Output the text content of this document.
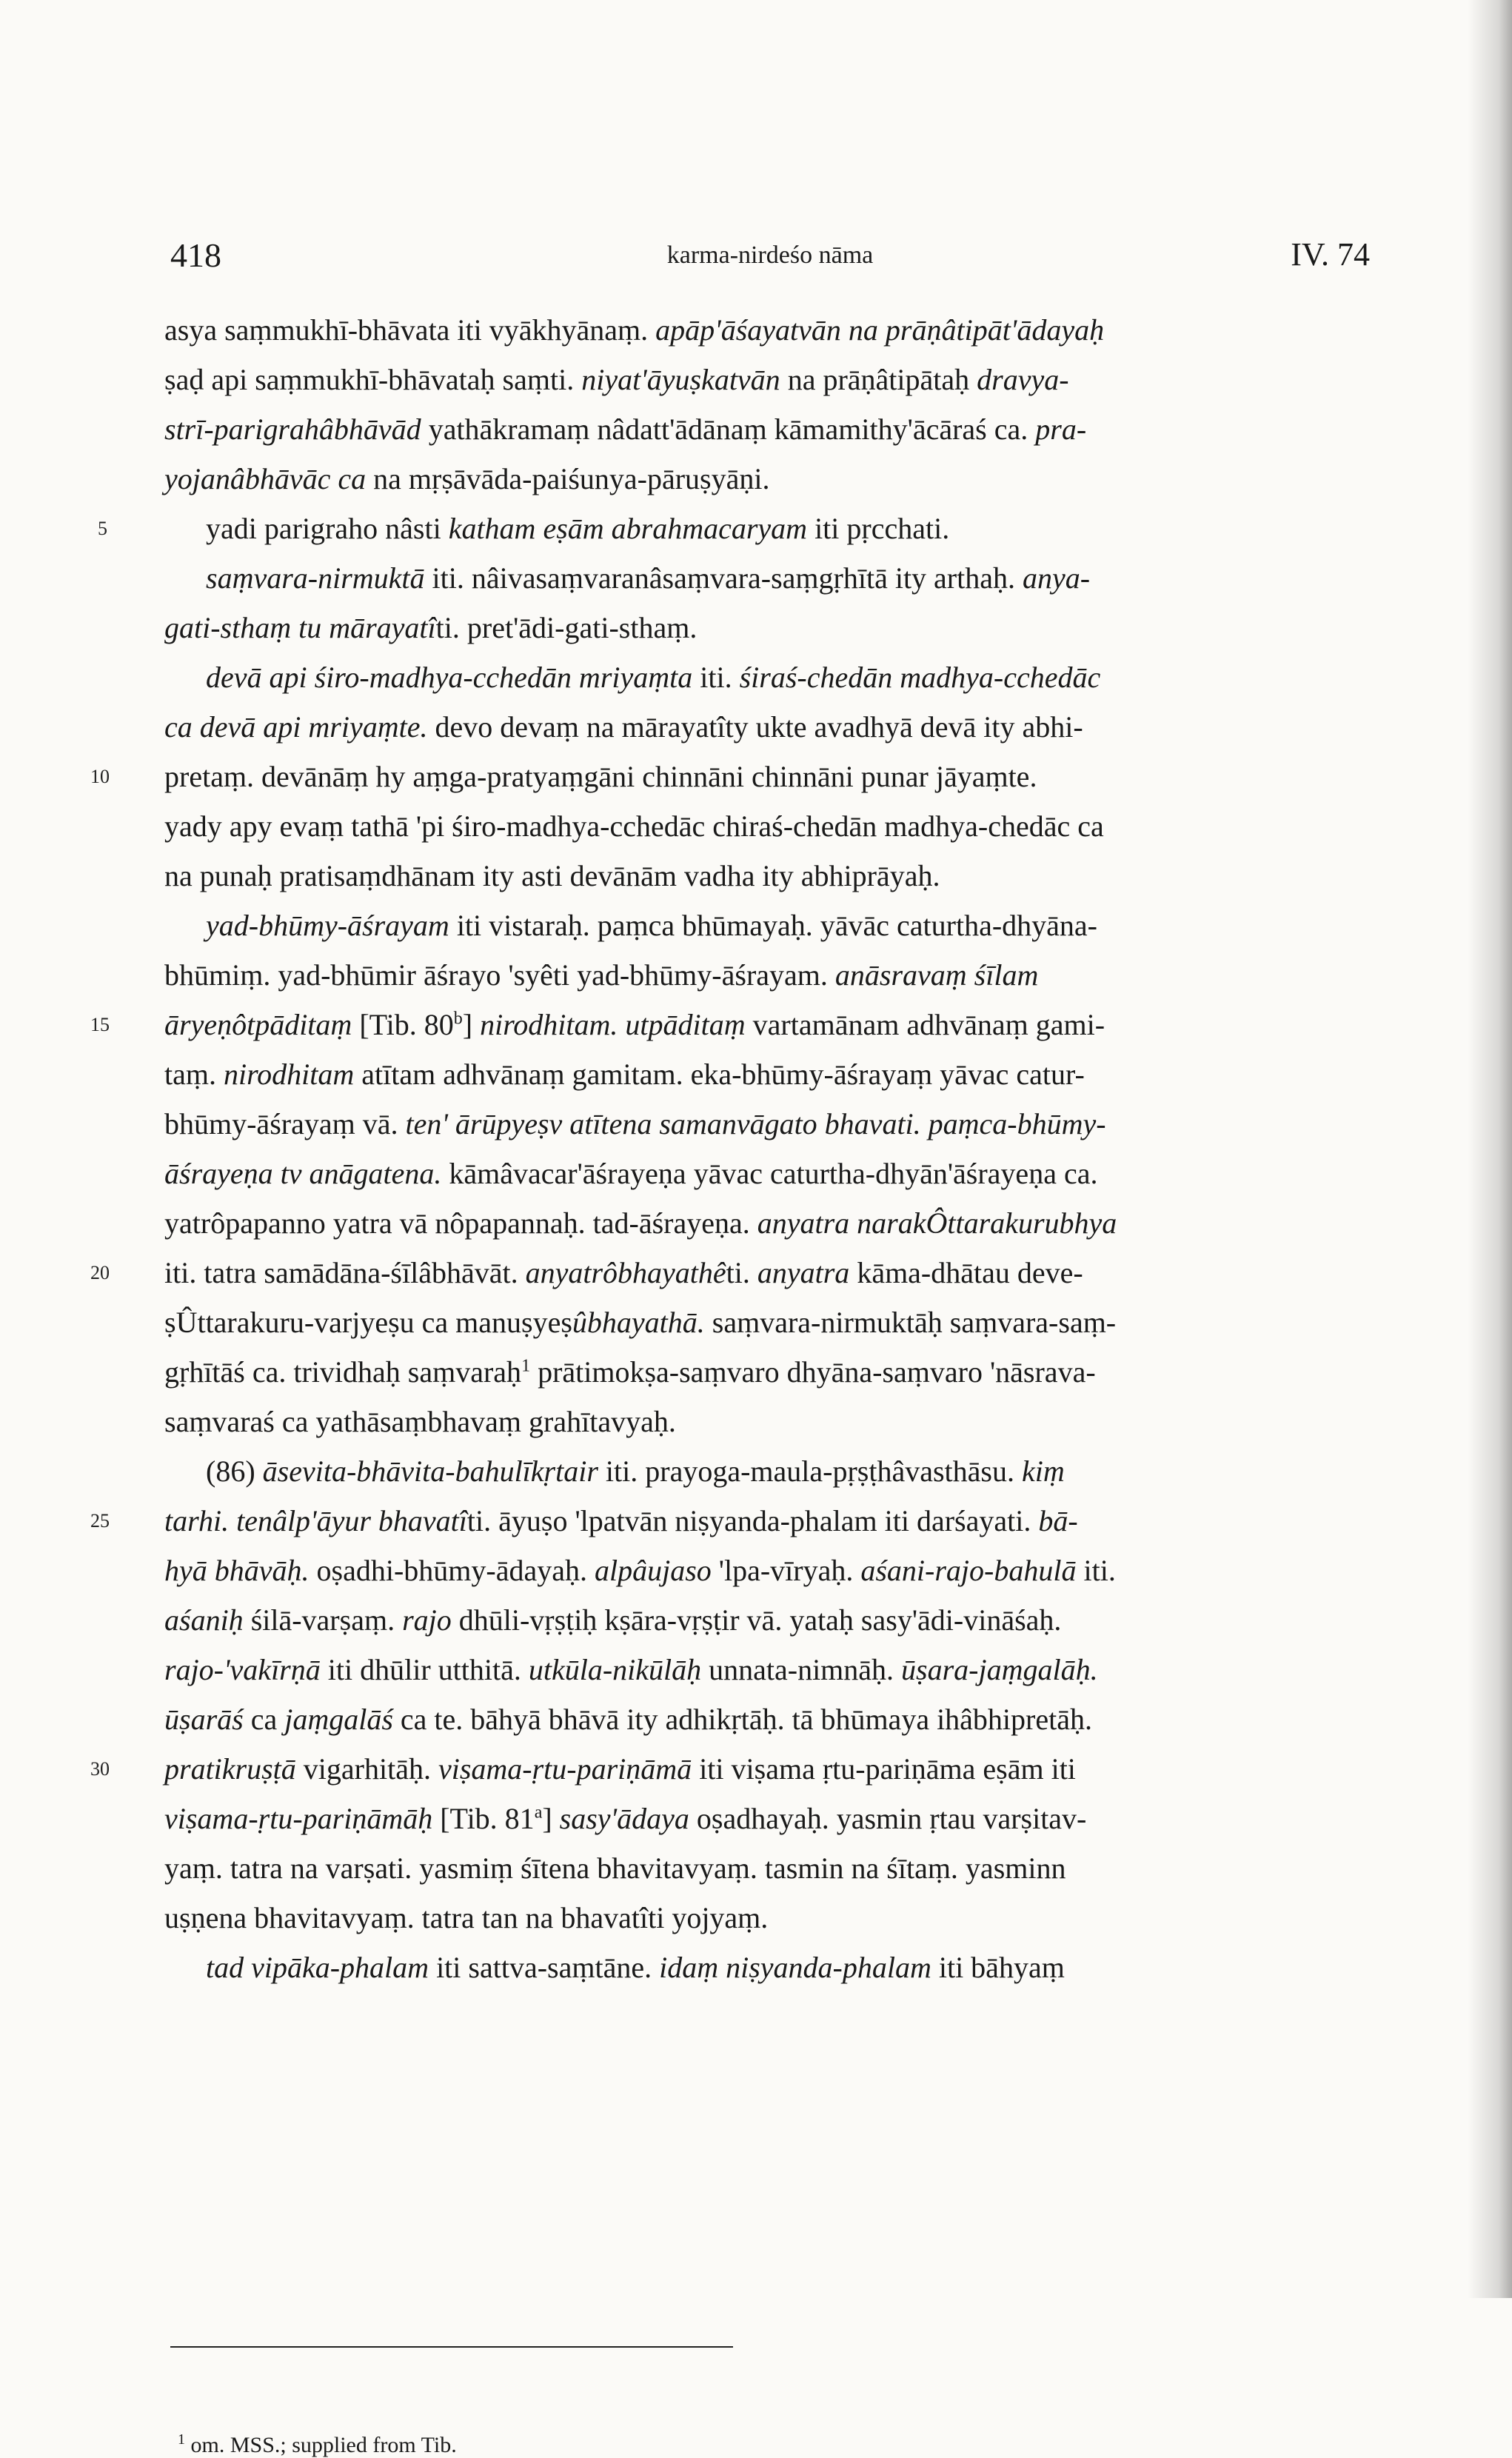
418	karma-nirdeśo nāma	IV. 74
asya saṃmukhī-bhāvata iti vyākhyānaṃ. apāp'āśayatvān na prāṇâtipāt'ādayaḥ
ṣaḍ api saṃmukhī-bhāvataḥ saṃti. niyat'āyuṣkatvān na prāṇâtipātaḥ dravya-
strī-parigrahâbhāvād yathākramaṃ nâdatt'ādānaṃ kāmamithy'ācāraś ca. pra-
yojanâbhāvāc ca na mṛṣāvāda-paiśunya-pāruṣyāṇi.
5	yadi parigraho nâsti katham eṣām abrahmacaryam iti pṛcchati.
saṃvara-nirmuktā iti. nâivasaṃvaranâsaṃvara-saṃgṛhītā ity arthaḥ. anya-
gati-sthaṃ tu mārayatîti. pret'ādi-gati-sthaṃ.
devā api śiro-madhya-cchedān mriyaṃta iti. śiraś-chedān madhya-cchedāc
ca devā api mriyaṃte. devo devaṃ na mārayatîty ukte avadhyā devā ity abhi-
10 pretaṃ. devānāṃ hy aṃga-pratyaṃgāni chinnāni chinnāni punar jāyaṃte.
yady apy evaṃ tathā 'pi śiro-madhya-cchedāc chiraś-chedān madhya-chedāc ca
na punaḥ pratisaṃdhānam ity asti devānām vadha ity abhiprāyaḥ.
yad-bhūmy-āśrayam iti vistaraḥ. paṃca bhūmayaḥ. yāvāc caturtha-dhyāna-
bhūmiṃ. yad-bhūmir āśrayo 'syêti yad-bhūmy-āśrayam. anāsravaṃ śīlam
15 āryeṇôtpāditaṃ [Tib. 80$^b$] nirodhitam. utpāditaṃ vartamānam adhvānaṃ gami-
taṃ. nirodhitam atītam adhvānaṃ gamitam. eka-bhūmy-āśrayaṃ yāvac catur-
bhūmy-āśrayaṃ vā. ten' ārūpyeṣv atītena samanvāgato bhavati. paṃca-bhūmy-
āśrayeṇa tv anāgatena. kāmâvacar'āśrayeṇa yāvac caturtha-dhyān'āśrayeṇa ca.
yatrôpapanno yatra vā nôpapannaḥ. tad-āśrayeṇa. anyatra narakÔttarakurubhya
20 iti. tatra samādāna-śīlâbhāvāt. anyatrôbhayathêti. anyatra kāma-dhātau deve-
ṣÛttarakuru-varjyeṣu ca manuṣyeṣûbhayathā. saṃvara-nirmuktāḥ saṃvara-saṃ-
gṛhītāś ca. trividhaḥ saṃvaraḥ$^1$ prātimokṣa-saṃvaro dhyāna-saṃvaro 'nāsrava-
saṃvaraś ca yathāsaṃbhavaṃ grahītavyaḥ.
(86) āsevita-bhāvita-bahulīkṛtair iti. prayoga-maula-pṛṣṭhâvasthāsu. kiṃ
25 tarhi. tenâlp'āyur bhavatîti. āyuṣo 'lpatvān niṣyanda-phalam iti darśayati. bā-
hyā bhāvāḥ. oṣadhi-bhūmy-ādayaḥ. alpâujaso 'lpa-vīryaḥ. aśani-rajo-bahulā iti.
aśaniḥ śilā-varṣaṃ. rajo dhūli-vṛṣṭiḥ kṣāra-vṛṣṭir vā. yataḥ sasy'ādi-vināśaḥ.
rajo-'vakīrṇā iti dhūlir utthitā. utkūla-nikūlāḥ unnata-nimnāḥ. ūṣara-jaṃgalāḥ.
ūṣarāś ca jaṃgalāś ca te. bāhyā bhāvā ity adhikṛtāḥ. tā bhūmaya ihâbhipretāḥ.
30 pratikruṣṭā vigarhitāḥ. viṣama-ṛtu-pariṇāmā iti viṣama ṛtu-pariṇāma eṣām iti
viṣama-ṛtu-pariṇāmāḥ [Tib. 81$^a$] sasy'ādaya oṣadhayaḥ. yasmin ṛtau varṣitav-
yaṃ. tatra na varṣati. yasmiṃ śītena bhavitavyaṃ. tasmin na śītaṃ. yasminn
uṣṇena bhavitavyaṃ. tatra tan na bhavatîti yojyaṃ.
tad vipāka-phalam iti sattva-saṃtāne. idaṃ niṣyanda-phalam iti bāhyaṃ
$^1$ om. MSS.; supplied from Tib.
